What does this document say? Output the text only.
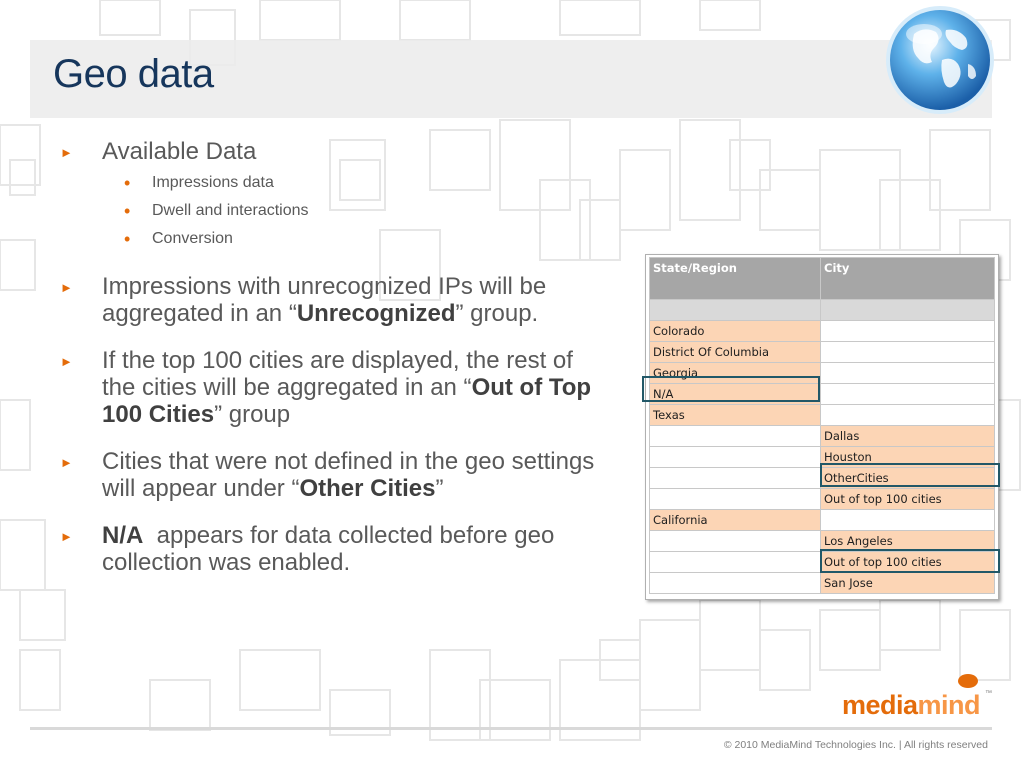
Geo data
► Available Data
• Impressions data
• Dwell and interactions
• Conversion
► Impressions with unrecognized IPs will be aggregated in an “Unrecognized” group.
► If the top 100 cities are displayed, the rest of the cities will be aggregated in an “Out of Top 100 Cities” group
► Cities that were not defined in the geo settings will appear under “Other Cities”
► N/A  appears for data collected before geo collection was enabled.
State/Region	City

Colorado	
District Of Columbia	
Georgia	
N/A	
Texas	
	Dallas
	Houston
	OtherCities
	Out of top 100 cities
California	
	Los Angeles
	Out of top 100 cities
	San Jose
mediamind ™
© 2010 MediaMind Technologies Inc. | All rights reserved
